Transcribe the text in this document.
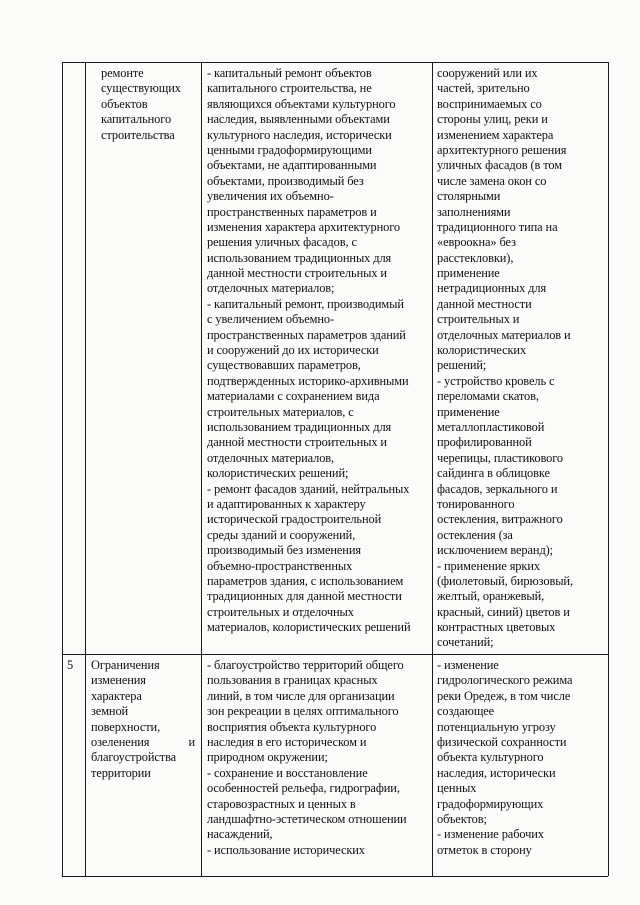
ремонте
существующих
объектов
капитального
строительства
- капитальный ремонт объектов
капитального строительства, не
являющихся объектами культурного
наследия, выявленными объектами
культурного наследия, исторически
ценными градоформирующими
объектами, не адаптированными
объектами, производимый без
увеличения их объемно-
пространственных параметров и
изменения характера архитектурного
решения уличных фасадов, с
использованием традиционных для
данной местности строительных и
отделочных материалов;
- капитальный ремонт, производимый
с увеличением объемно-
пространственных параметров зданий
и сооружений до их исторически
существовавших параметров,
подтвержденных историко-архивными
материалами с сохранением вида
строительных материалов, с
использованием традиционных для
данной местности строительных и
отделочных материалов,
колористических решений;
- ремонт фасадов зданий, нейтральных
и адаптированных к характеру
исторической градостроительной
среды зданий и сооружений,
производимый без изменения
объемно-пространственных
параметров здания, с использованием
традиционных для данной местности
строительных и отделочных
материалов, колористических решений
сооружений или их
частей, зрительно
воспринимаемых со
стороны улиц, реки и
изменением характера
архитектурного решения
уличных фасадов (в том
числе замена окон со
столярными
заполнениями
традиционного типа на
«евроокна» без
расстекловки),
применение
нетрадиционных для
данной местности
строительных и
отделочных материалов и
колористических
решений;
- устройство кровель с
переломами скатов,
применение
металлопластиковой
профилированной
черепицы, пластикового
сайдинга в облицовке
фасадов, зеркального и
тонированного
остекления, витражного
остекления (за
исключением веранд);
- применение ярких
(фиолетовый, бирюзовый,
желтый, оранжевый,
красный, синий) цветов и
контрастных цветовых
сочетаний;
5 Ограничения
изменения
характера
земной
поверхности,
озеленения и
благоустройства
территории
- благоустройство территорий общего
пользования в границах красных
линий, в том числе для организации
зон рекреации в целях оптимального
восприятия объекта культурного
наследия в его историческом и
природном окружении;
- сохранение и восстановление
особенностей рельефа, гидрографии,
старовозрастных и ценных в
ландшафтно-эстетическом отношении
насаждений,
- использование исторических
- изменение
гидрологического режима
реки Оредеж, в том числе
создающее
потенциальную угрозу
физической сохранности
объекта культурного
наследия, исторически
ценных
градоформирующих
объектов;
- изменение рабочих
отметок в сторону
